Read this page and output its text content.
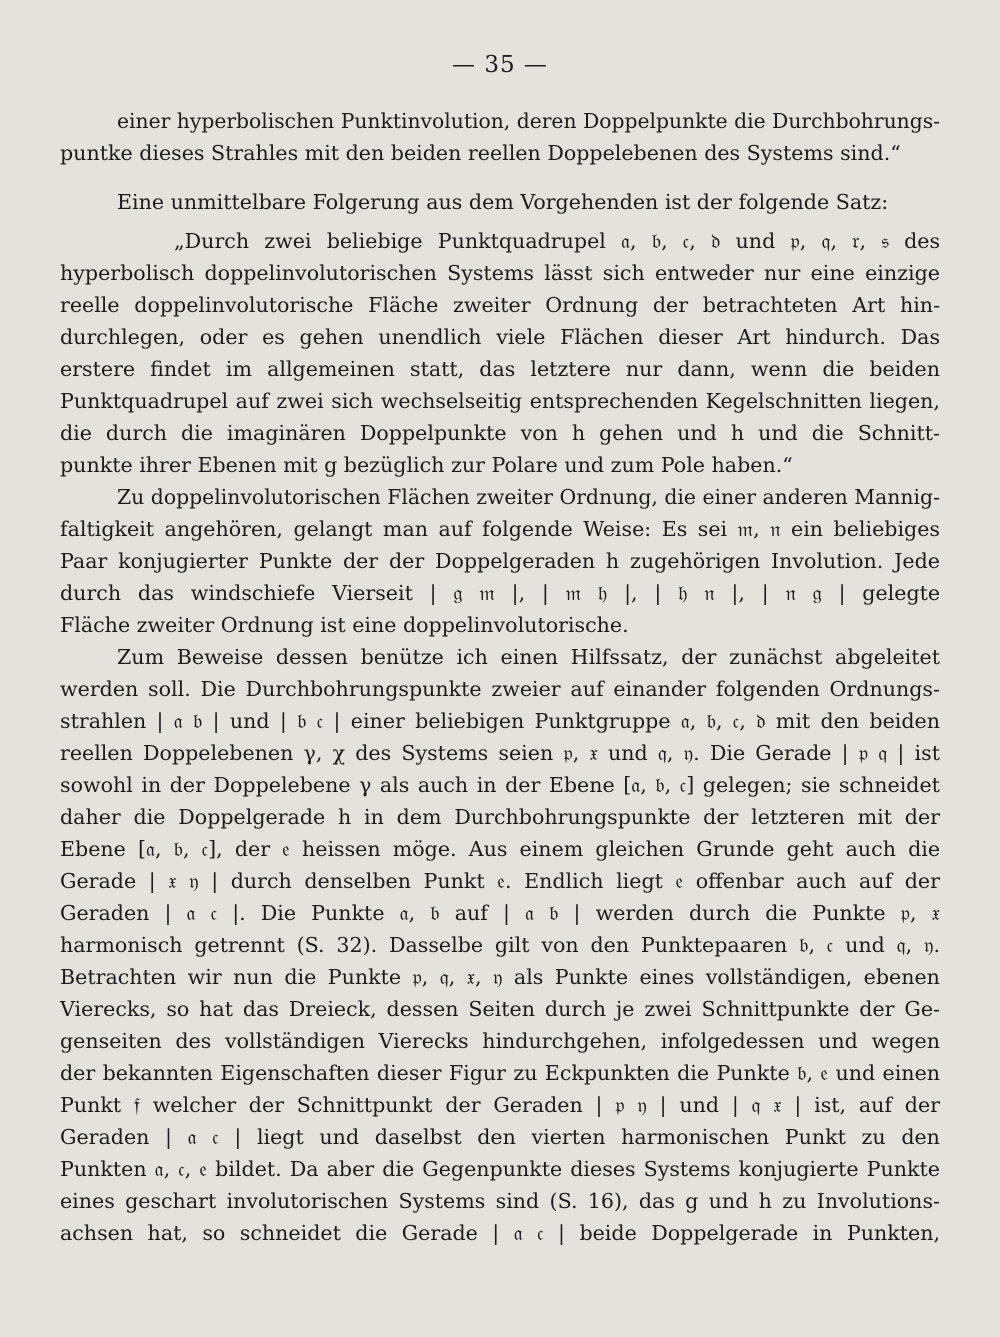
— 35 —
einer hyperbolischen Punktinvolution, deren Doppelpunkte die Durchbohrungs-
puntke dieses Strahles mit den beiden reellen Doppelebenen des Systems sind.“
Eine unmittelbare Folgerung aus dem Vorgehenden ist der folgende Satz:
„Durch zwei beliebige Punktquadrupel 𝔞, 𝔟, 𝔠, 𝔡 und 𝔭, 𝔮, 𝔯, 𝔰 des
hyperbolisch doppelinvolutorischen Systems lässt sich entweder nur eine einzige
reelle doppelinvolutorische Fläche zweiter Ordnung der betrachteten Art hin-
durchlegen, oder es gehen unendlich viele Flächen dieser Art hindurch. Das
erstere findet im allgemeinen statt, das letztere nur dann, wenn die beiden
Punktquadrupel auf zwei sich wechselseitig entsprechenden Kegelschnitten liegen,
die durch die imaginären Doppelpunkte von h gehen und h und die Schnitt-
punkte ihrer Ebenen mit g bezüglich zur Polare und zum Pole haben.“
Zu doppelinvolutorischen Flächen zweiter Ordnung, die einer anderen Mannig-
faltigkeit angehören, gelangt man auf folgende Weise: Es sei 𝔪, 𝔫 ein beliebiges
Paar konjugierter Punkte der der Doppelgeraden h zugehörigen Involution. Jede
durch das windschiefe Vierseit | 𝔤 𝔪 |, | 𝔪 𝔥 |, | 𝔥 𝔫 |, | 𝔫 𝔤 | gelegte
Fläche zweiter Ordnung ist eine doppelinvolutorische.
Zum Beweise dessen benütze ich einen Hilfssatz, der zunächst abgeleitet
werden soll. Die Durchbohrungspunkte zweier auf einander folgenden Ordnungs-
strahlen | 𝔞 𝔟 | und | 𝔟 𝔠 | einer beliebigen Punktgruppe 𝔞, 𝔟, 𝔠, 𝔡 mit den beiden
reellen Doppelebenen γ, χ des Systems seien 𝔭, 𝔵 und 𝔮, 𝔶. Die Gerade | 𝔭 𝔮 | ist
sowohl in der Doppelebene γ als auch in der Ebene [𝔞, 𝔟, 𝔠] gelegen; sie schneidet
daher die Doppelgerade h in dem Durchbohrungspunkte der letzteren mit der
Ebene [𝔞, 𝔟, 𝔠], der 𝔢 heissen möge. Aus einem gleichen Grunde geht auch die
Gerade | 𝔵 𝔶 | durch denselben Punkt 𝔢. Endlich liegt 𝔢 offenbar auch auf der
Geraden | 𝔞 𝔠 |. Die Punkte 𝔞, 𝔟 auf | 𝔞 𝔟 | werden durch die Punkte 𝔭, 𝔵
harmonisch getrennt (S. 32). Dasselbe gilt von den Punktepaaren 𝔟, 𝔠 und 𝔮, 𝔶.
Betrachten wir nun die Punkte 𝔭, 𝔮, 𝔵, 𝔶 als Punkte eines vollständigen, ebenen
Vierecks, so hat das Dreieck, dessen Seiten durch je zwei Schnittpunkte der Ge-
genseiten des vollständigen Vierecks hindurchgehen, infolgedessen und wegen
der bekannten Eigenschaften dieser Figur zu Eckpunkten die Punkte 𝔟, 𝔢 und einen
Punkt 𝔣 welcher der Schnittpunkt der Geraden | 𝔭 𝔶 | und | 𝔮 𝔵 | ist, auf der
Geraden | 𝔞 𝔠 | liegt und daselbst den vierten harmonischen Punkt zu den
Punkten 𝔞, 𝔠, 𝔢 bildet. Da aber die Gegenpunkte dieses Systems konjugierte Punkte
eines geschart involutorischen Systems sind (S. 16), das g und h zu Involutions-
achsen hat, so schneidet die Gerade | 𝔞 𝔠 | beide Doppelgerade in Punkten,
